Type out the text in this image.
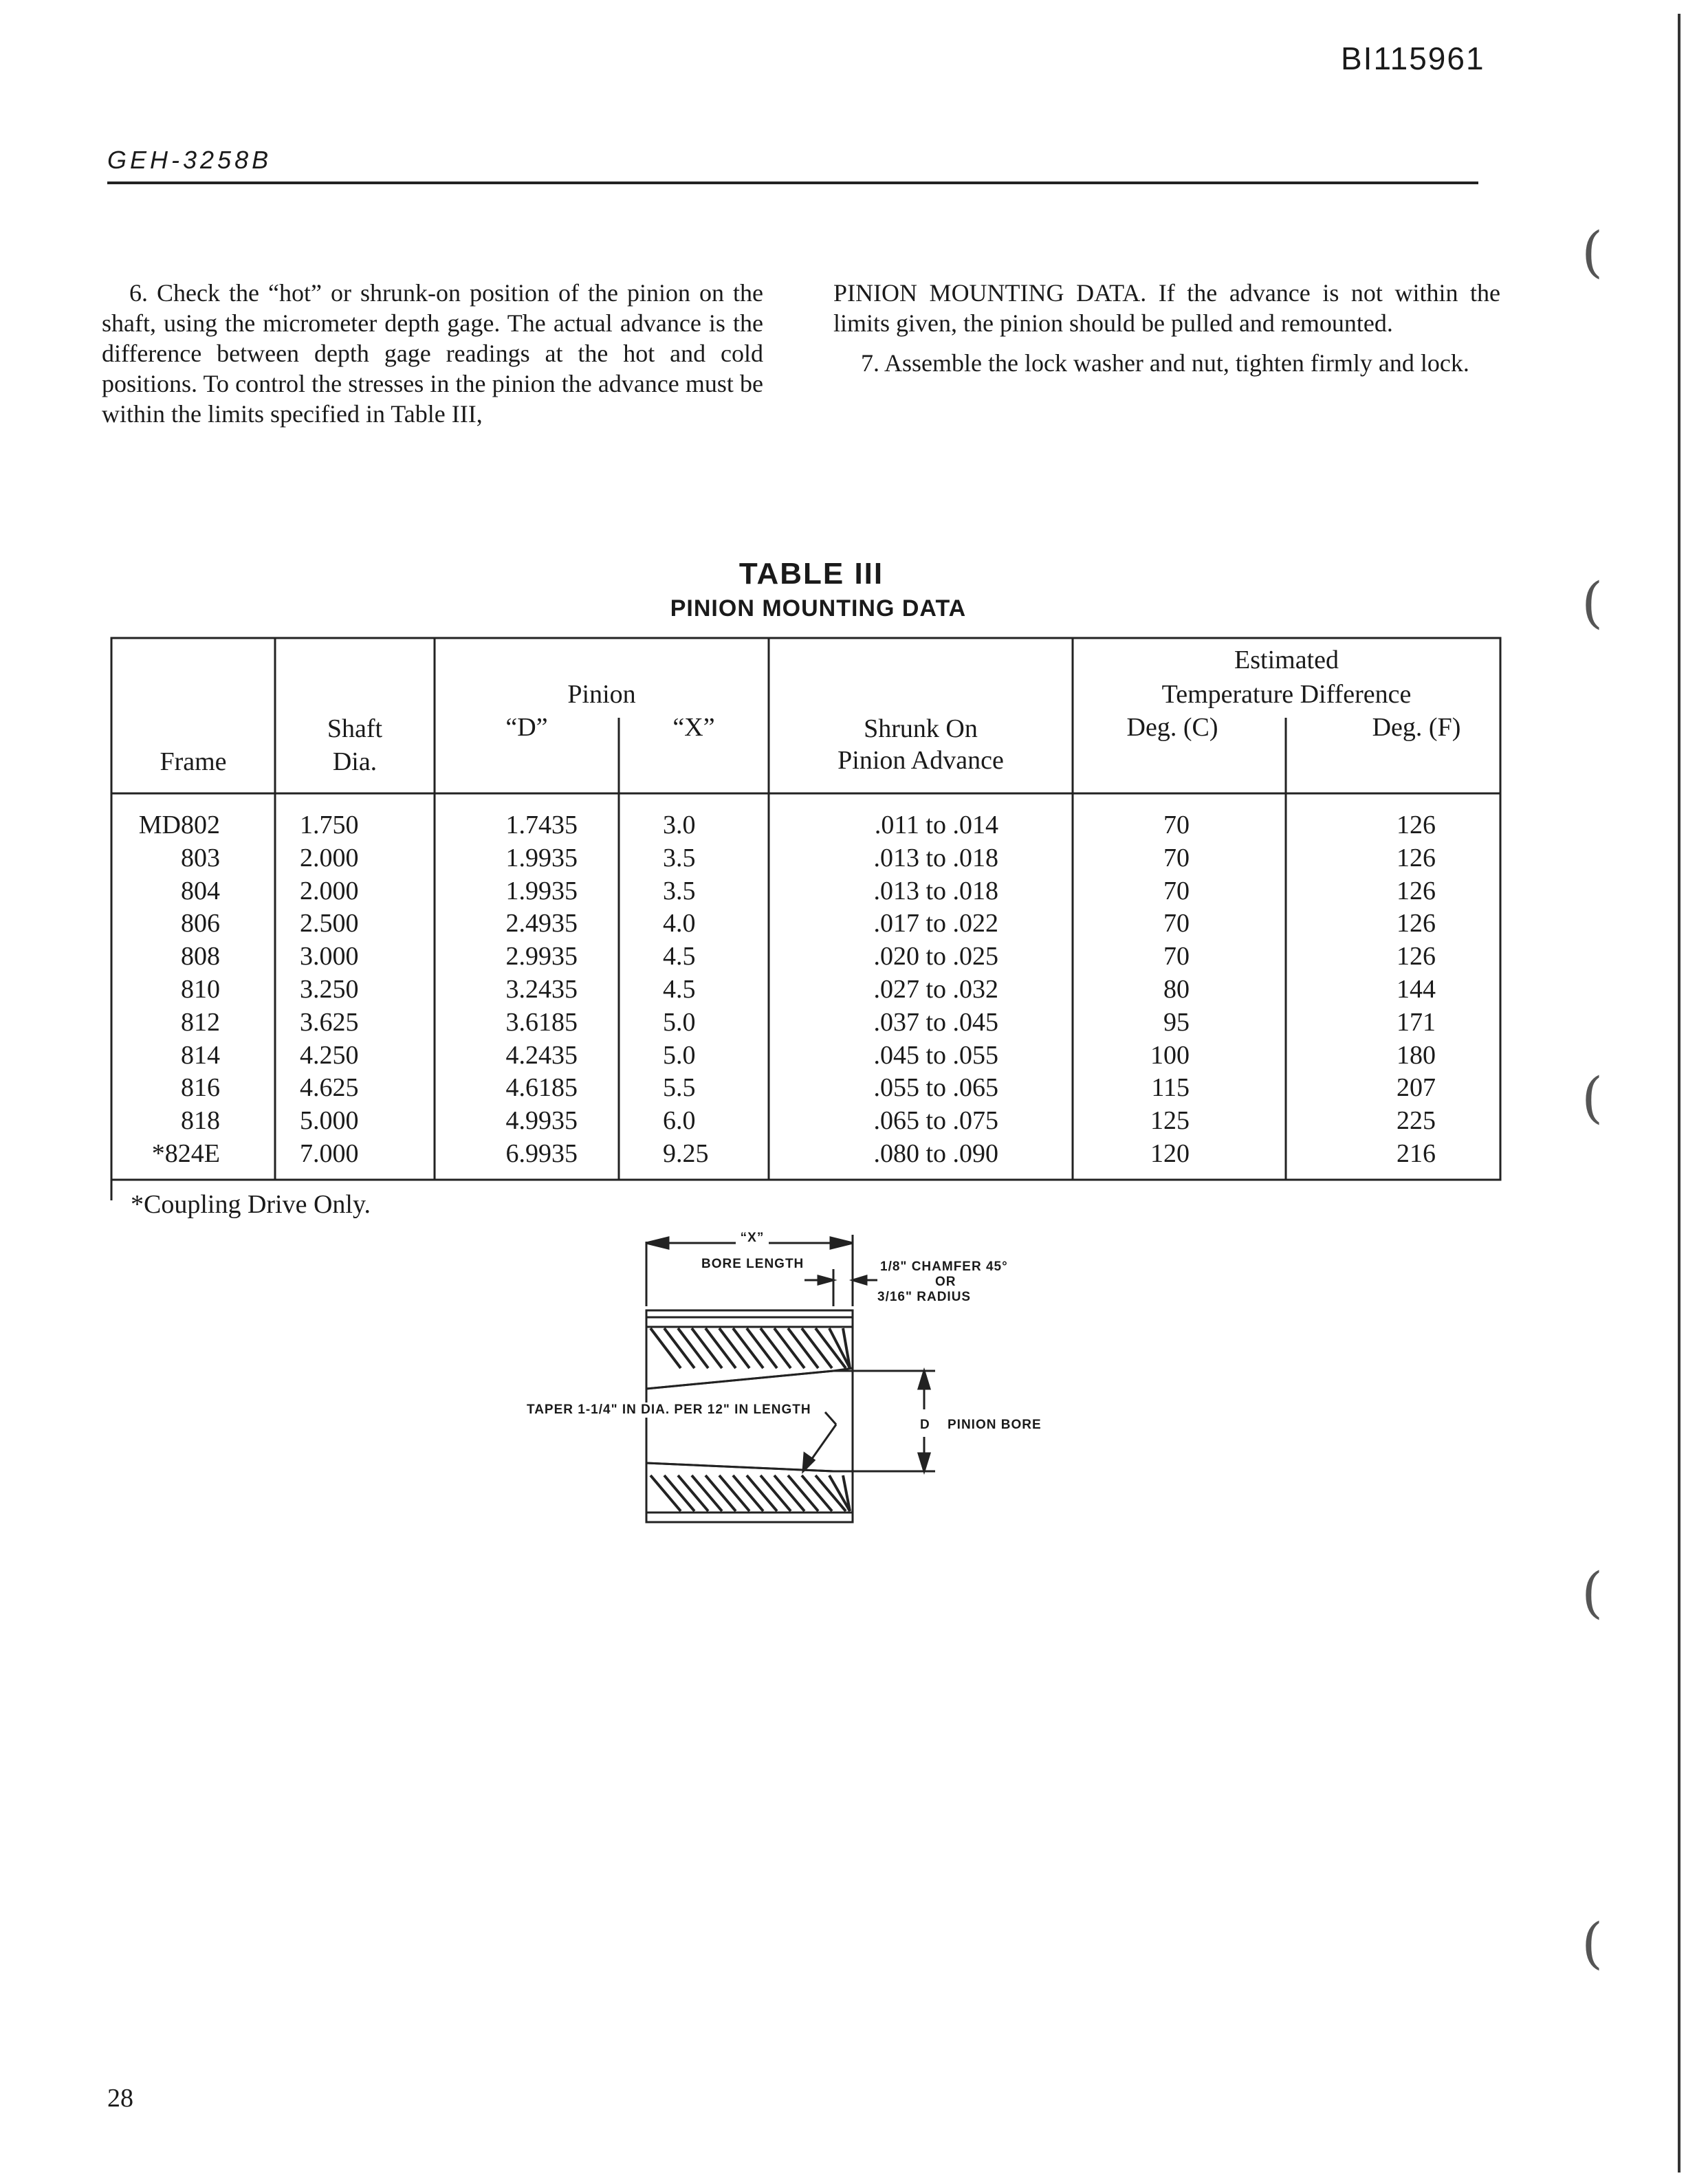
BI115961
GEH-3258B
6. Check the “hot” or shrunk-on position of the pinion on the shaft, using the micrometer depth gage. The actual advance is the difference between depth gage readings at the hot and cold positions. To control the stresses in the pinion the advance must be within the limits specified in Table III,
PINION MOUNTING DATA. If the advance is not within the limits given, the pinion should be pulled and remounted.
7. Assemble the lock washer and nut, tighten firmly and lock.
TABLE III
PINION MOUNTING DATA
Frame
Shaft
Dia.
Pinion
“D”	“X”	Shrunk On
Pinion Advance
Estimated
Temperature Difference
Deg. (C)	Deg. (F)
MD802	1.750	1.7435	3.0	.011 to .014	70	126
803	2.000	1.9935	3.5	.013 to .018	70	126
804	2.000	1.9935	3.5	.013 to .018	70	126
806	2.500	2.4935	4.0	.017 to .022	70	126
808	3.000	2.9935	4.5	.020 to .025	70	126
810	3.250	3.2435	4.5	.027 to .032	80	144
812	3.625	3.6185	5.0	.037 to .045	95	171
814	4.250	4.2435	5.0	.045 to .055	100	180
816	4.625	4.6185	5.5	.055 to .065	115	207
818	5.000	4.9935	6.0	.065 to .075	125	225
*824E	7.000	6.9935	9.25	.080 to .090	120	216
*Coupling Drive Only.
“X”
BORE LENGTH	1/8" CHAMFER 45°
OR
3/16" RADIUS
TAPER 1-1/4" IN DIA. PER 12" IN LENGTH
D PINION BORE
28
(
(
(
(
(
